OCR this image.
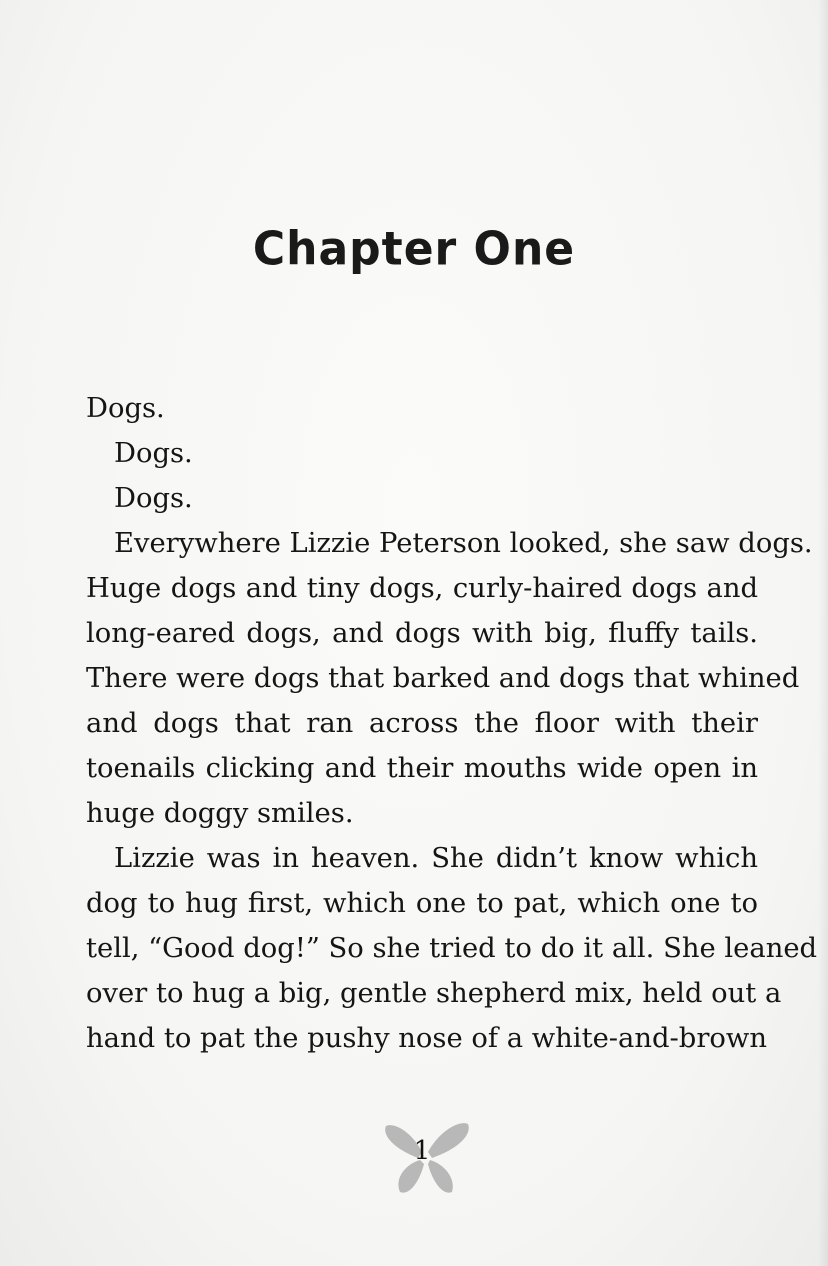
Chapter One
Dogs.
Dogs.
Dogs.
Everywhere Lizzie Peterson looked, she saw dogs.
Huge dogs and tiny dogs, curly-haired dogs and
long-eared dogs, and dogs with big, fluffy tails.
There were dogs that barked and dogs that whined
and dogs that ran across the floor with their
toenails clicking and their mouths wide open in
huge doggy smiles.
Lizzie was in heaven. She didn’t know which
dog to hug first, which one to pat, which one to
tell, “Good dog!” So she tried to do it all. She leaned
over to hug a big, gentle shepherd mix, held out a
hand to pat the pushy nose of a white-and-brown
1
